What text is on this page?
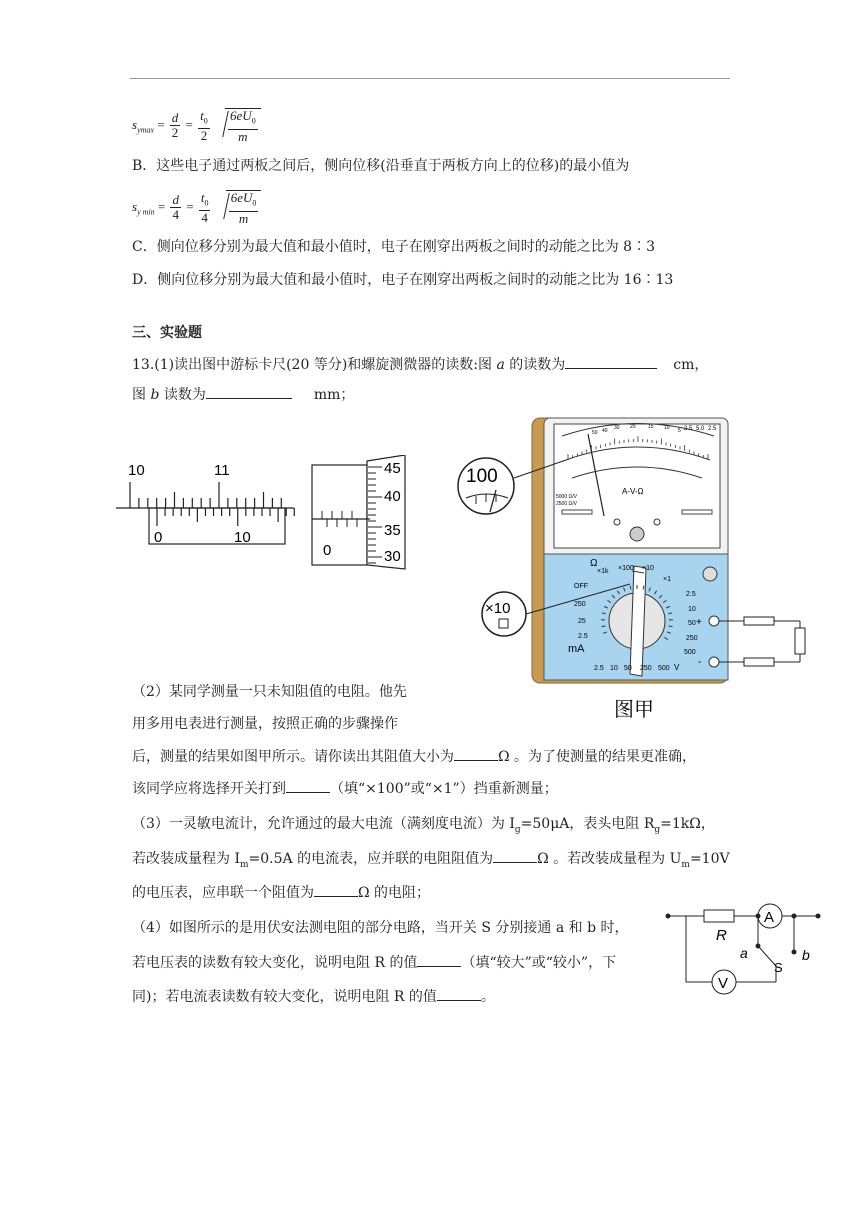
$s_{ymax} = \frac{d}{2} = \frac{t_0}{2}$
$\frac{6eU_0}{m}$
B．这些电子通过两板之间后，侧向位移(沿垂直于两板方向上的位移)的最小值为
$s_{y min} = \frac{d}{4} = \frac{t_0}{4}$
$\frac{6eU_0}{m}$
C．侧向位移分别为最大值和最小值时，电子在刚穿出两板之间时的动能之比为 8∶3
D．侧向位移分别为最大值和最小值时，电子在刚穿出两板之间时的动能之比为 16∶13
三、实验题
13.(1)读出图中游标卡尺(20 等分)和螺旋测微器的读数:图 a 的读数为	cm，
图 b 读数为	mm；
10	11
0	10
45
40
35
30
0
A-V-Ω
5000 Ω/V
2500 Ω/V
2.5 5.0 2.5
50 40 30 20 15 10 5
Ω
×1k ×100 ×10
×1
OFF
250
25
2.5
mA
2.5
10
50
250
500
2.5 10 50 250 500 V
+
-
100
×10
图甲
（2）某同学测量一只未知阻值的电阻。他先
用多用电表进行测量，按照正确的步骤操作
后，测量的结果如图甲所示。请你读出其阻值大小为	Ω 。为了使测量的结果更准确，
该同学应将选择开关打到	（填“×100”或“×1”）挡重新测量；
（3）一灵敏电流计，允许通过的最大电流（满刻度电流）为 $I_g=50\mu A$，表头电阻 $R_g=1k\Omega$，
若改装成量程为 $I_m=0.5A$ 的电流表，应并联的电阻阻值为	Ω 。若改装成量程为 $U_m=10V$
的电压表，应串联一个阻值为	Ω 的电阻；
（4）如图所示的是用伏安法测电阻的部分电路，当开关 S 分别接通 a 和 b 时，
若电压表的读数有较大变化，说明电阻 R 的值	（填“较大”或“较小”，下
同)；若电流表读数有较大变化，说明电阻 R 的值	。
A
R
a	b
S
V
